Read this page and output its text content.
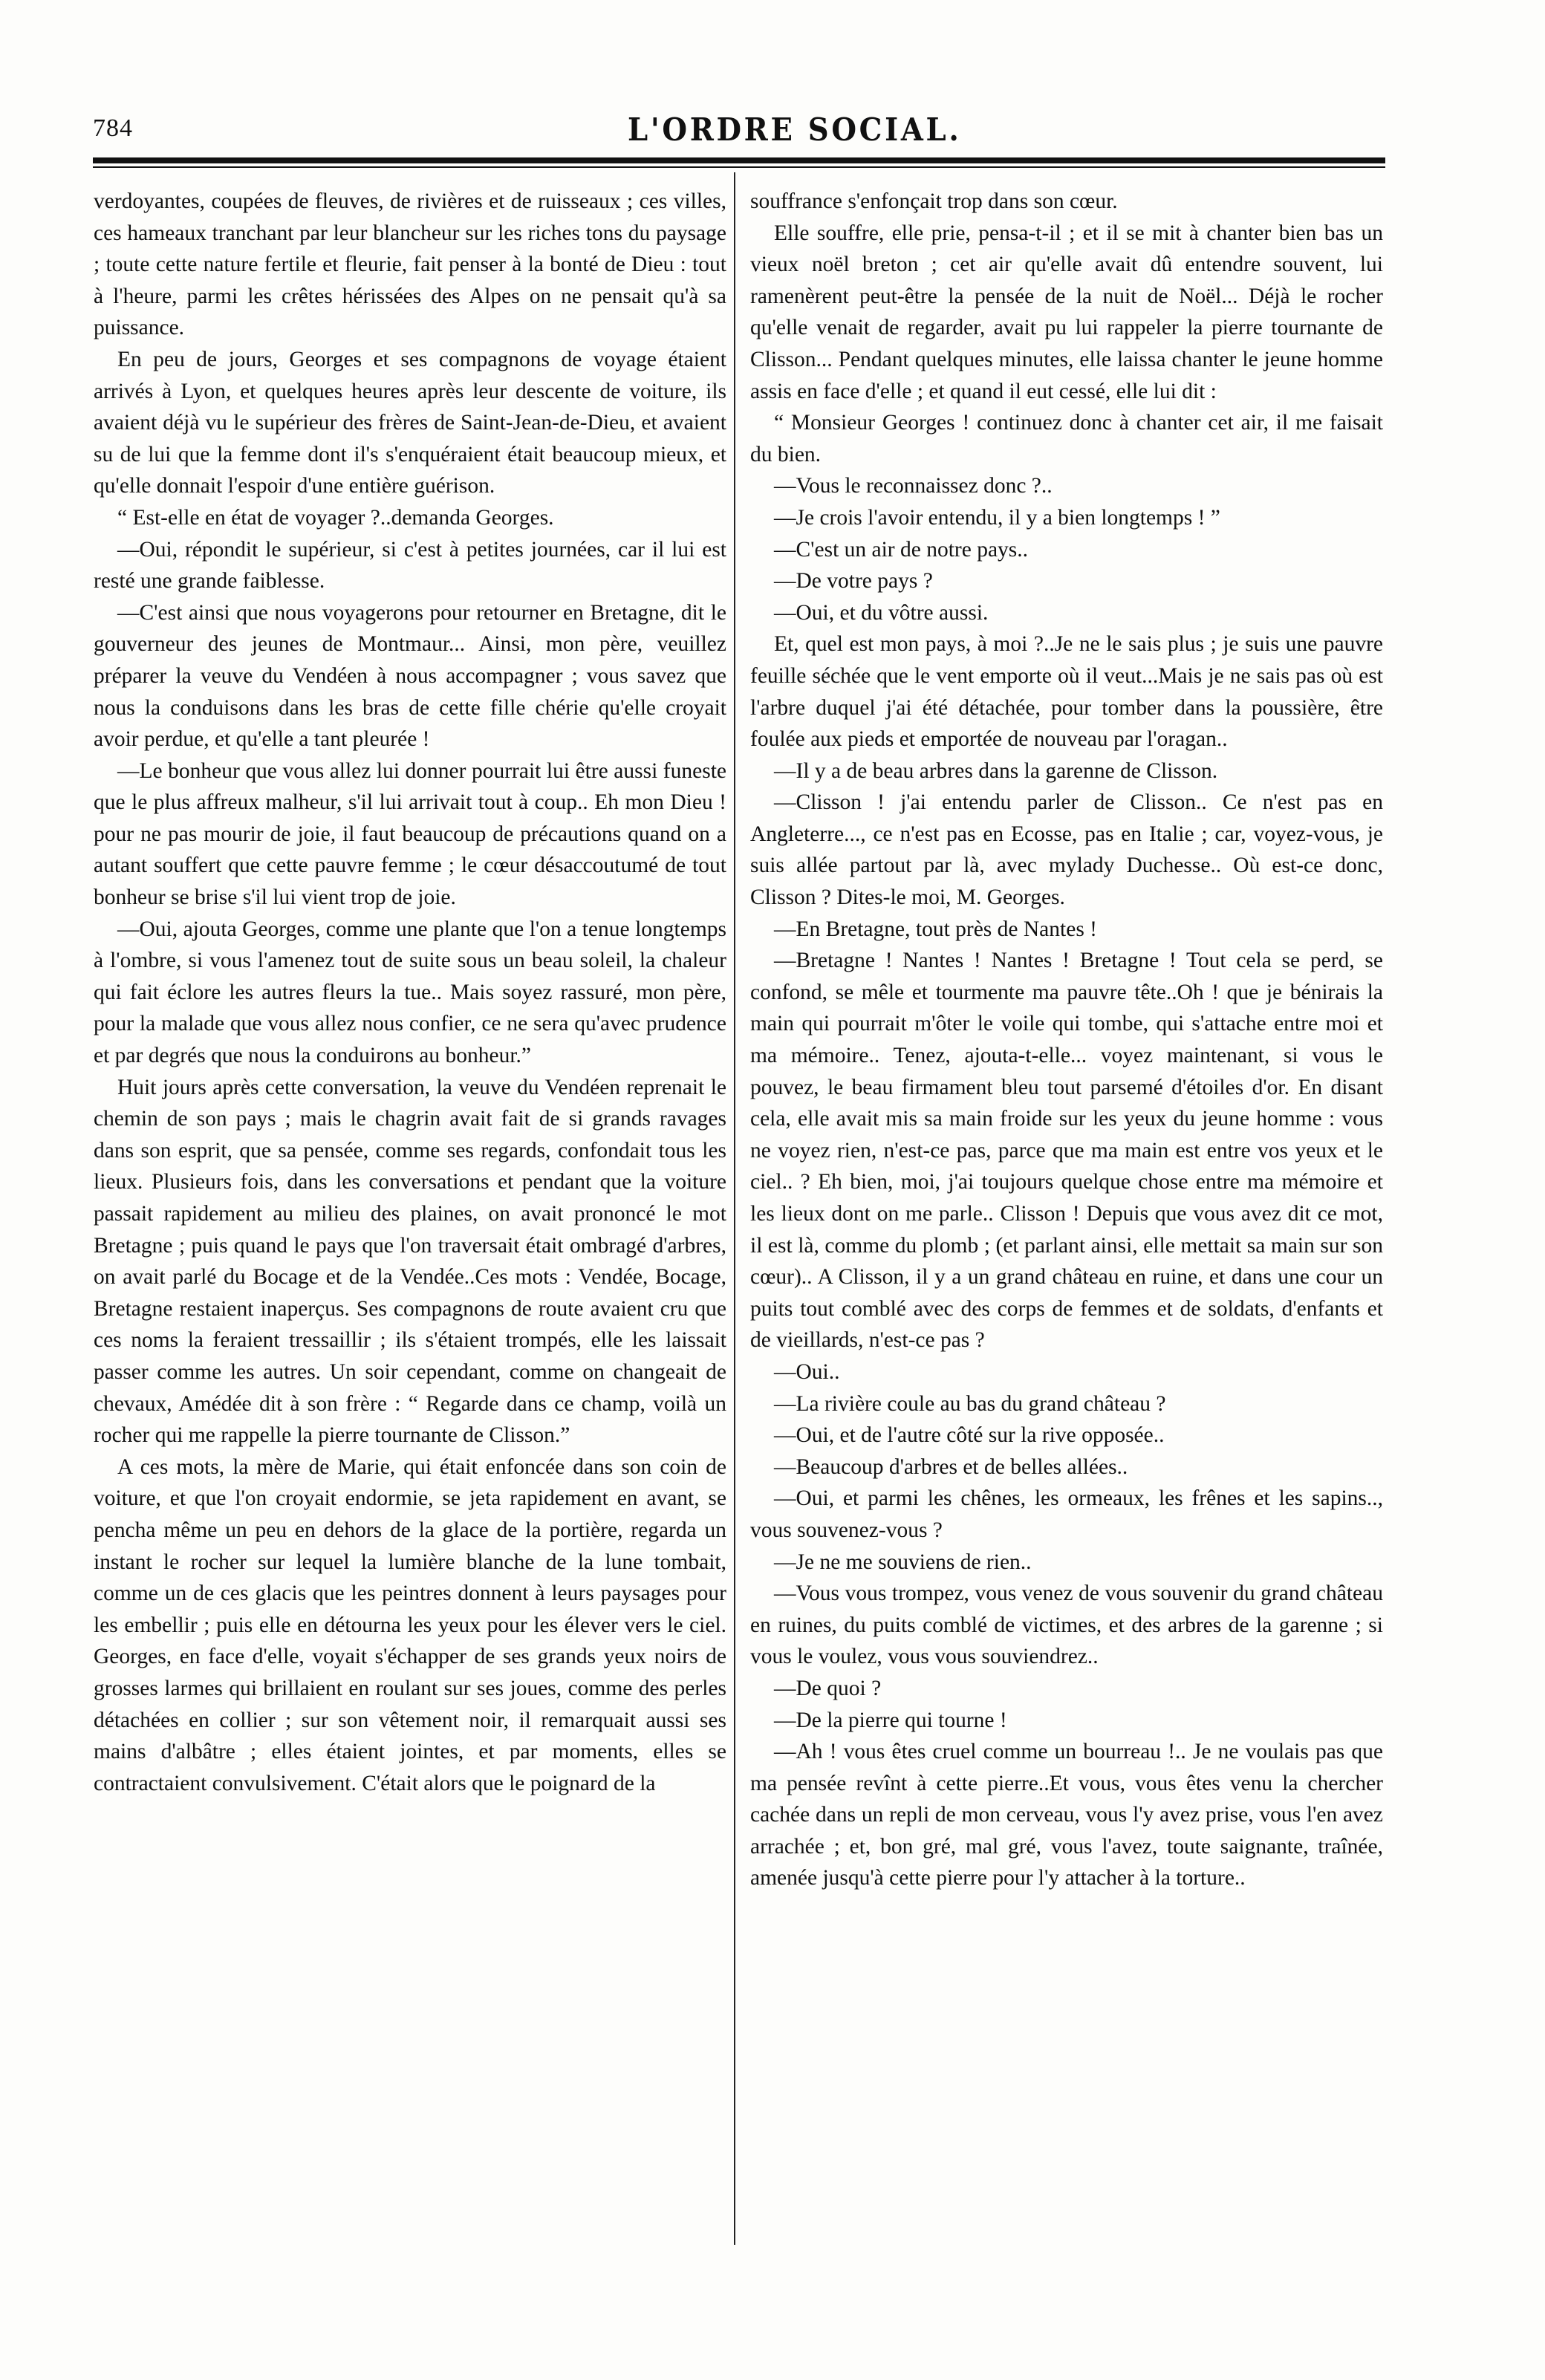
784	L'ORDRE SOCIAL.

verdoyantes, coupées de fleuves, de rivières et de ruisseaux ; ces villes, ces hameaux tranchant par leur blancheur sur les riches tons du paysage ; toute cette nature fertile et fleurie, fait penser à la bonté de Dieu : tout à l'heure, parmi les crêtes hérissées des Alpes on ne pensait qu'à sa puissance.

En peu de jours, Georges et ses compagnons de voyage étaient arrivés à Lyon, et quelques heures après leur descente de voiture, ils avaient déjà vu le supérieur des frères de Saint-Jean-de-Dieu, et avaient su de lui que la femme dont il's s'enquéraient était beaucoup mieux, et qu'elle donnait l'espoir d'une entière guérison.

“ Est-elle en état de voyager ?..demanda Georges.

—Oui, répondit le supérieur, si c'est à petites journées, car il lui est resté une grande faiblesse.

—C'est ainsi que nous voyagerons pour retourner en Bretagne, dit le gouverneur des jeunes de Montmaur... Ainsi, mon père, veuillez préparer la veuve du Vendéen à nous accompagner ; vous savez que nous la conduisons dans les bras de cette fille chérie qu'elle croyait avoir perdue, et qu'elle a tant pleurée !

—Le bonheur que vous allez lui donner pourrait lui être aussi funeste que le plus affreux malheur, s'il lui arrivait tout à coup.. Eh mon Dieu ! pour ne pas mourir de joie, il faut beaucoup de précautions quand on a autant souffert que cette pauvre femme ; le cœur désaccoutumé de tout bonheur se brise s'il lui vient trop de joie.

—Oui, ajouta Georges, comme une plante que l'on a tenue longtemps à l'ombre, si vous l'amenez tout de suite sous un beau soleil, la chaleur qui fait éclore les autres fleurs la tue.. Mais soyez rassuré, mon père, pour la malade que vous allez nous confier, ce ne sera qu'avec prudence et par degrés que nous la conduirons au bonheur.”

Huit jours après cette conversation, la veuve du Vendéen reprenait le chemin de son pays ; mais le chagrin avait fait de si grands ravages dans son esprit, que sa pensée, comme ses regards, confondait tous les lieux. Plusieurs fois, dans les conversations et pendant que la voiture passait rapidement au milieu des plaines, on avait prononcé le mot Bretagne ; puis quand le pays que l'on traversait était ombragé d'arbres, on avait parlé du Bocage et de la Vendée..Ces mots : Vendée, Bocage, Bretagne restaient inaperçus. Ses compagnons de route avaient cru que ces noms la feraient tressaillir ; ils s'étaient trompés, elle les laissait passer comme les autres. Un soir cependant, comme on changeait de chevaux, Amédée dit à son frère : “ Regarde dans ce champ, voilà un rocher qui me rappelle la pierre tournante de Clisson.”

A ces mots, la mère de Marie, qui était enfoncée dans son coin de voiture, et que l'on croyait endormie, se jeta rapidement en avant, se pencha même un peu en dehors de la glace de la portière, regarda un instant le rocher sur lequel la lumière blanche de la lune tombait, comme un de ces glacis que les peintres donnent à leurs paysages pour les embellir ; puis elle en détourna les yeux pour les élever vers le ciel. Georges, en face d'elle, voyait s'échapper de ses grands yeux noirs de grosses larmes qui brillaient en roulant sur ses joues, comme des perles détachées en collier ; sur son vêtement noir, il remarquait aussi ses mains d'albâtre ; elles étaient jointes, et par moments, elles se contractaient convulsivement. C'était alors que le poignard de la

souffrance s'enfonçait trop dans son cœur.

Elle souffre, elle prie, pensa-t-il ; et il se mit à chanter bien bas un vieux noël breton ; cet air qu'elle avait dû entendre souvent, lui ramenèrent peut-être la pensée de la nuit de Noël... Déjà le rocher qu'elle venait de regarder, avait pu lui rappeler la pierre tournante de Clisson... Pendant quelques minutes, elle laissa chanter le jeune homme assis en face d'elle ; et quand il eut cessé, elle lui dit :

“ Monsieur Georges ! continuez donc à chanter cet air, il me faisait du bien.

—Vous le reconnaissez donc ?..

—Je crois l'avoir entendu, il y a bien longtemps ! ”

—C'est un air de notre pays..

—De votre pays ?

—Oui, et du vôtre aussi.

Et, quel est mon pays, à moi ?..Je ne le sais plus ; je suis une pauvre feuille séchée que le vent emporte où il veut...Mais je ne sais pas où est l'arbre duquel j'ai été détachée, pour tomber dans la poussière, être foulée aux pieds et emportée de nouveau par l'oragan..

—Il y a de beau arbres dans la garenne de Clisson.

—Clisson ! j'ai entendu parler de Clisson.. Ce n'est pas en Angleterre..., ce n'est pas en Ecosse, pas en Italie ; car, voyez-vous, je suis allée partout par là, avec mylady Duchesse.. Où est-ce donc, Clisson ? Dites-le moi, M. Georges.

—En Bretagne, tout près de Nantes !

—Bretagne ! Nantes ! Nantes ! Bretagne ! Tout cela se perd, se confond, se mêle et tourmente ma pauvre tête..Oh ! que je bénirais la main qui pourrait m'ôter le voile qui tombe, qui s'attache entre moi et ma mémoire.. Tenez, ajouta-t-elle... voyez maintenant, si vous le pouvez, le beau firmament bleu tout parsemé d'étoiles d'or. En disant cela, elle avait mis sa main froide sur les yeux du jeune homme : vous ne voyez rien, n'est-ce pas, parce que ma main est entre vos yeux et le ciel.. ? Eh bien, moi, j'ai toujours quelque chose entre ma mémoire et les lieux dont on me parle.. Clisson ! Depuis que vous avez dit ce mot, il est là, comme du plomb ; (et parlant ainsi, elle mettait sa main sur son cœur).. A Clisson, il y a un grand château en ruine, et dans une cour un puits tout comblé avec des corps de femmes et de soldats, d'enfants et de vieillards, n'est-ce pas ?

—Oui..

—La rivière coule au bas du grand château ?

—Oui, et de l'autre côté sur la rive opposée..

—Beaucoup d'arbres et de belles allées..

—Oui, et parmi les chênes, les ormeaux, les frênes et les sapins.., vous souvenez-vous ?

—Je ne me souviens de rien..

—Vous vous trompez, vous venez de vous souvenir du grand château en ruines, du puits comblé de victimes, et des arbres de la garenne ; si vous le voulez, vous vous souviendrez..

—De quoi ?

—De la pierre qui tourne !

—Ah ! vous êtes cruel comme un bourreau !.. Je ne voulais pas que ma pensée revînt à cette pierre..Et vous, vous êtes venu la chercher cachée dans un repli de mon cerveau, vous l'y avez prise, vous l'en avez arrachée ; et, bon gré, mal gré, vous l'avez, toute saignante, traînée, amenée jusqu'à cette pierre pour l'y attacher à la torture..
